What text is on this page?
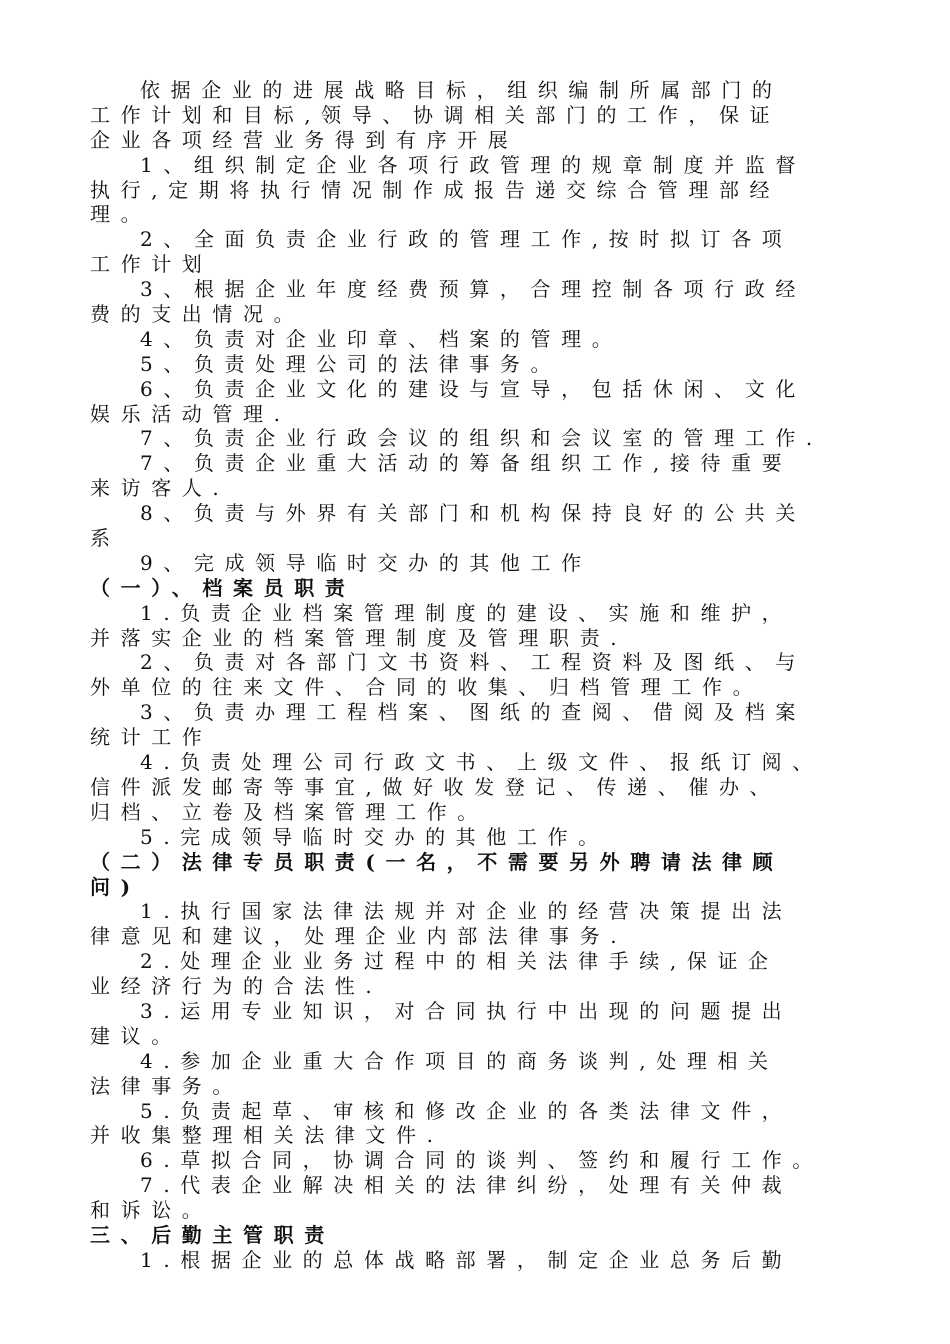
依据企业的进展战略目标，组织编制所属部门的
工作计划和目标,领导、协调相关部门的工作，保证
企业各项经营业务得到有序开展
1、组织制定企业各项行政管理的规章制度并监督
执行,定期将执行情况制作成报告递交综合管理部经
理。
2、全面负责企业行政的管理工作,按时拟订各项
工作计划
3、根据企业年度经费预算，合理控制各项行政经
费的支出情况。
4、负责对企业印章、档案的管理。
5、负责处理公司的法律事务。
6、负责企业文化的建设与宣导，包括休闲、文化
娱乐活动管理.
7、负责企业行政会议的组织和会议室的管理工作.
7、负责企业重大活动的筹备组织工作,接待重要
来访客人.
8、负责与外界有关部门和机构保持良好的公共关
系
9、完成领导临时交办的其他工作
（一）、档案员职责
1.负责企业档案管理制度的建设、实施和维护，
并落实企业的档案管理制度及管理职责.
2、负责对各部门文书资料、工程资料及图纸、与
外单位的往来文件、合同的收集、归档管理工作。
3、负责办理工程档案、图纸的查阅、借阅及档案
统计工作
4.负责处理公司行政文书、上级文件、报纸订阅、
信件派发邮寄等事宜,做好收发登记、传递、催办、
归档、立卷及档案管理工作。
5.完成领导临时交办的其他工作。
（二）法律专员职责(一名，不需要另外聘请法律顾
问)
1.执行国家法律法规并对企业的经营决策提出法
律意见和建议，处理企业内部法律事务.
2.处理企业业务过程中的相关法律手续,保证企
业经济行为的合法性.
3.运用专业知识，对合同执行中出现的问题提出
建议。
4.参加企业重大合作项目的商务谈判,处理相关
法律事务。
5.负责起草、审核和修改企业的各类法律文件，
并收集整理相关法律文件.
6.草拟合同，协调合同的谈判、签约和履行工作。
7.代表企业解决相关的法律纠纷，处理有关仲裁
和诉讼。
三、后勤主管职责
1.根据企业的总体战略部署，制定企业总务后勤
